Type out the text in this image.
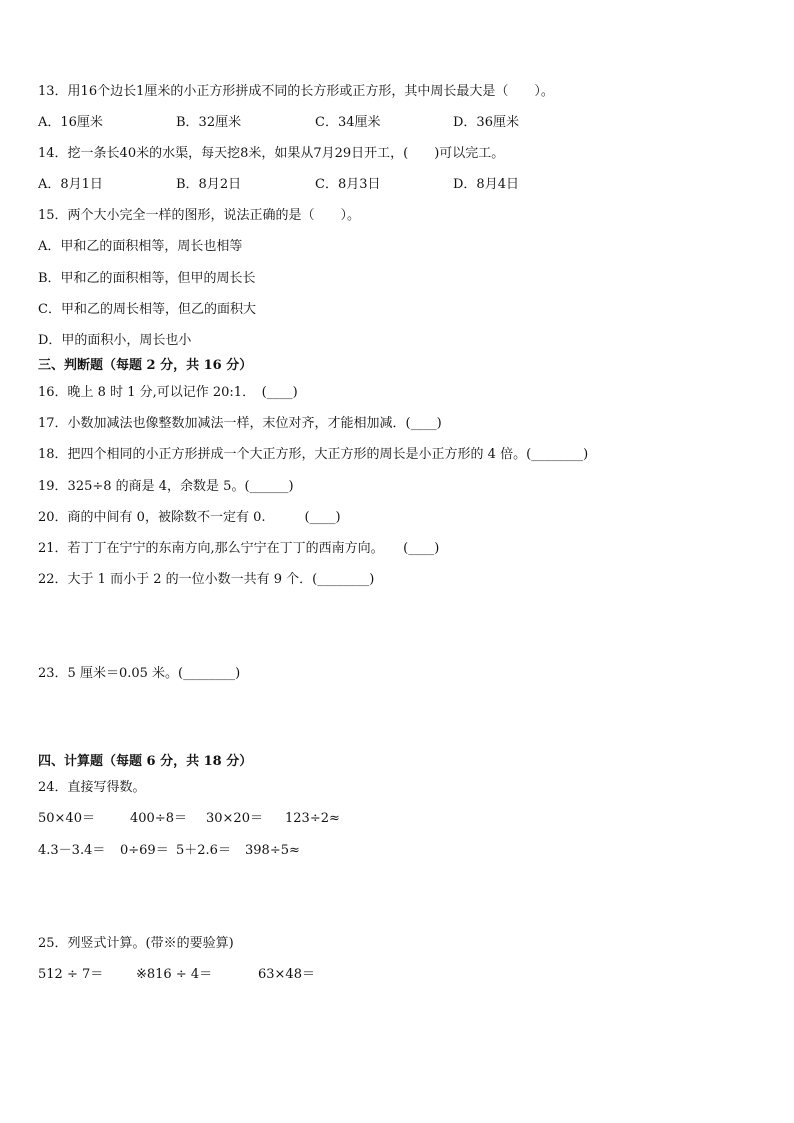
13．用16个边长1厘米的小正方形拼成不同的长方形或正方形，其中周长最大是（　　）。
A．16厘米	B．32厘米	C．34厘米	D．36厘米
14．挖一条长40米的水渠，每天挖8米，如果从7月29日开工，(　　)可以完工。
A．8月1日	B．8月2日	C．8月3日	D．8月4日
15．两个大小完全一样的图形，说法正确的是（　　）。
A．甲和乙的面积相等，周长也相等
B．甲和乙的面积相等，但甲的周长长
C．甲和乙的周长相等，但乙的面积大
D．甲的面积小，周长也小
三、判断题（每题 2 分，共 16 分）
16．晚上 8 时 1 分,可以记作 20:1．　(____)
17．小数加减法也像整数加减法一样，末位对齐，才能相加减．(____)
18．把四个相同的小正方形拼成一个大正方形，大正方形的周长是小正方形的 4 倍。(________)
19．325÷8 的商是 4，余数是 5。(______)
20．商的中间有 0，被除数不一定有 0.　　　(____)
21．若丁丁在宁宁的东南方向,那么宁宁在丁丁的西南方向。　　(____)
22．大于 1 而小于 2 的一位小数一共有 9 个．(________)
23．5 厘米＝0.05 米。(________)
四、计算题（每题 6 分，共 18 分）
24．直接写得数。
50×40＝	400÷8＝ 30×20＝ 123÷2≈
4.3－3.4＝ 0÷69＝ 5＋2.6＝ 398÷5≈
25．列竖式计算。(带※的要验算)
512 ÷ 7＝	※816 ÷ 4＝	63×48＝
